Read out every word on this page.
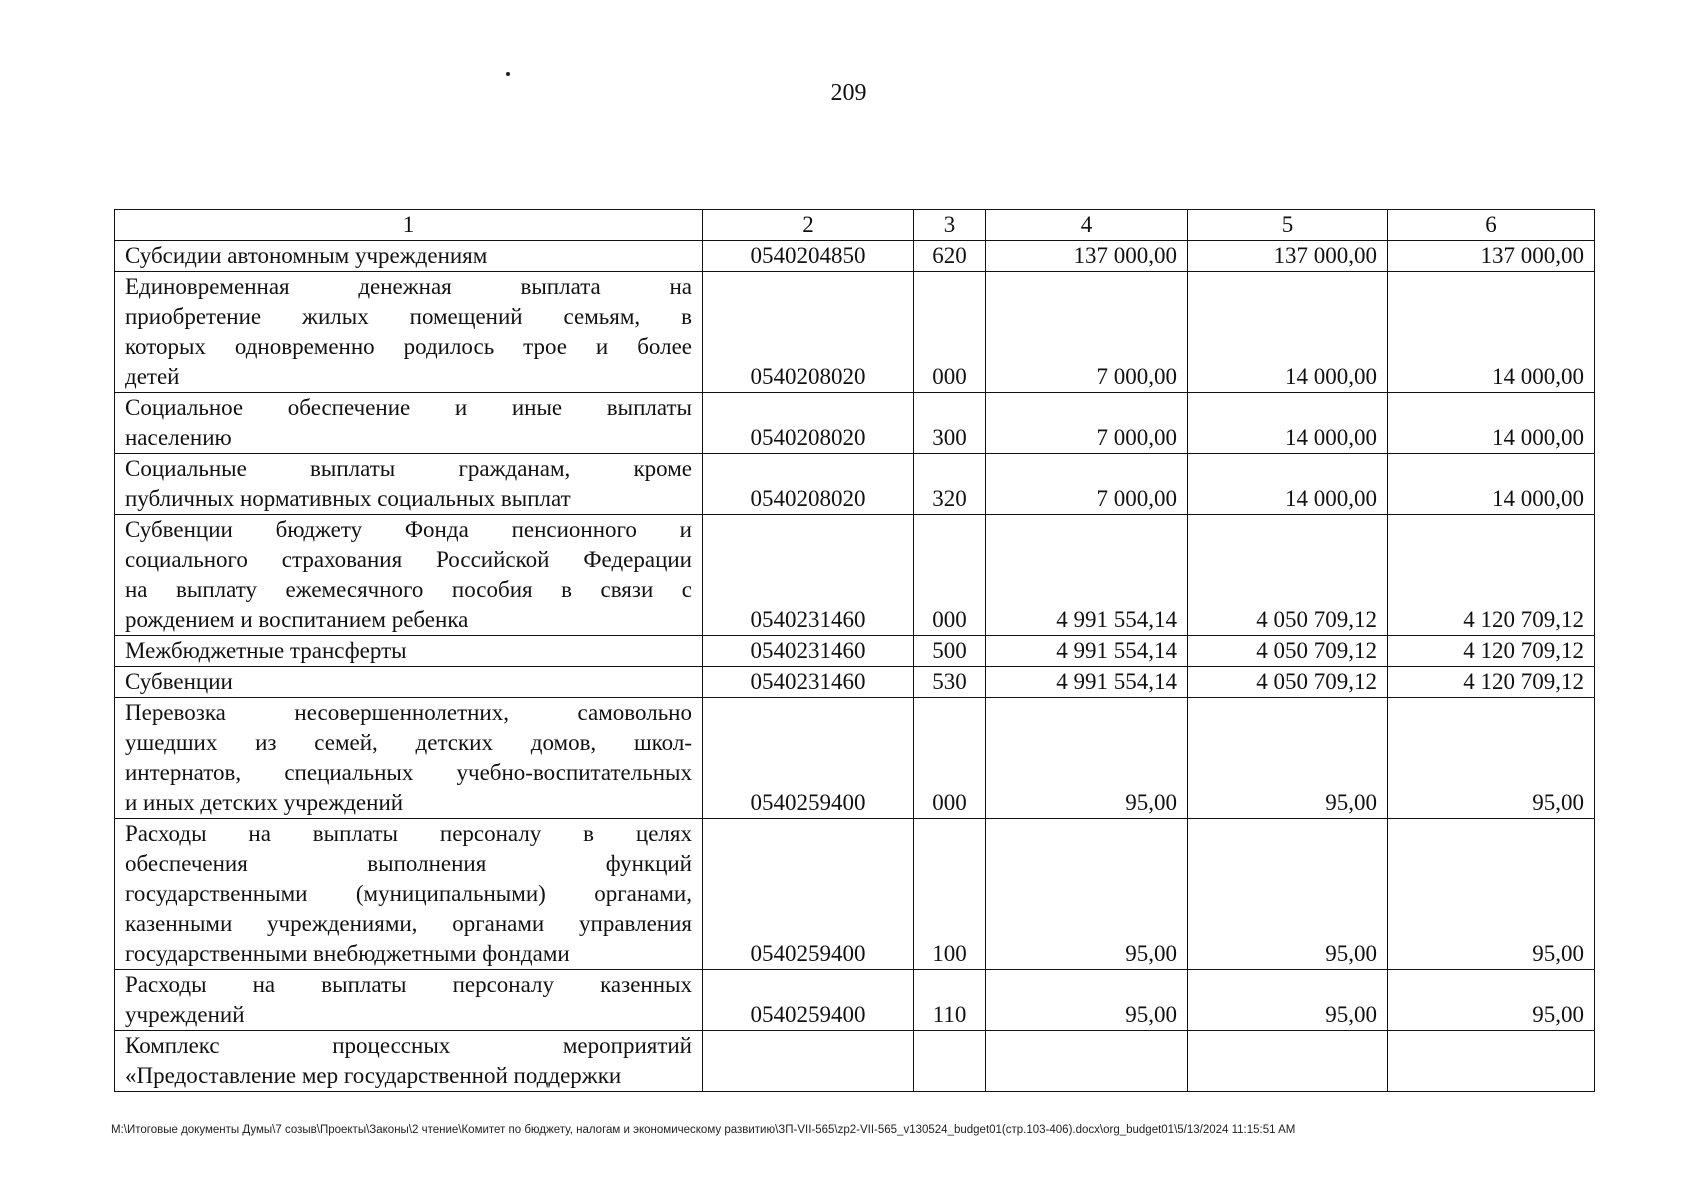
209
1	2	3	4	5	6

Субсидии автономным учреждениям	0540204850	620	137 000,00	137 000,00	137 000,00

Единовременная денежная выплата на
приобретение жилых помещений семьям, в
которых одновременно родилось трое и более
детей	0540208020	000	7 000,00	14 000,00	14 000,00

Социальное обеспечение и иные выплаты
населению	0540208020	300	7 000,00	14 000,00	14 000,00

Социальные выплаты гражданам, кроме
публичных нормативных социальных выплат	0540208020	320	7 000,00	14 000,00	14 000,00

Субвенции бюджету Фонда пенсионного и
социального страхования Российской Федерации
на выплату ежемесячного пособия в связи с
рождением и воспитанием ребенка	0540231460	000	4 991 554,14	4 050 709,12	4 120 709,12

Межбюджетные трансферты	0540231460	500	4 991 554,14	4 050 709,12	4 120 709,12

Субвенции	0540231460	530	4 991 554,14	4 050 709,12	4 120 709,12

Перевозка несовершеннолетних, самовольно
ушедших из семей, детских домов, школ-
интернатов, специальных учебно-воспитательных
и иных детских учреждений	0540259400	000	95,00	95,00	95,00

Расходы на выплаты персоналу в целях
обеспечения выполнения функций
государственными (муниципальными) органами,
казенными учреждениями, органами управления
государственными внебюджетными фондами	0540259400	100	95,00	95,00	95,00

Расходы на выплаты персоналу казенных
учреждений	0540259400	110	95,00	95,00	95,00

Комплекс процессных мероприятий
«Предоставление мер государственной поддержки					

M:\Итоговые документы Думы\7 созыв\Проекты\Законы\2 чтение\Комитет по бюджету, налогам и экономическому развитию\ЗП-VII-565\zp2-VII-565_v130524_budget01(стр.103-406).docx\org_budget01\5/13/2024 11:15:51 AM
